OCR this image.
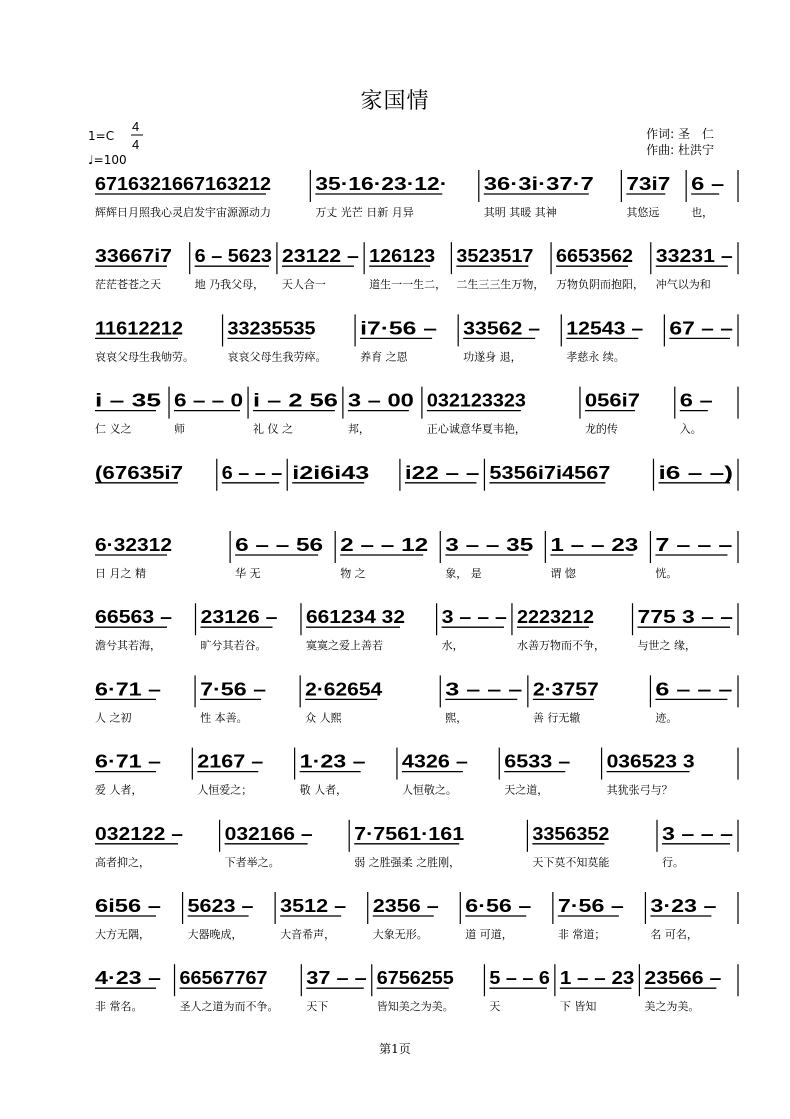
家国情
1=C
4
4
♩=100
作词: 圣　仁
作曲: 杜洪宁
6716321667163212
辉辉日月照我心灵启发宇宙源源动力
35·16·23·12·
万丈 光芒 日新 月异
36·3i·37·7
其明 其暖 其神
73i7
其悠远
6 –
也，
33667i7
茫茫苍苍之天
6 – 5623
地 乃我父母，
23122 –
天人合一
126123
道生一一生二，
3523517
二生三三生万物，
6653562
万物负阴而抱阳，
33231 –
冲气以为和
11612212
哀哀父母生我劬劳。
33235535
哀哀父母生我劳瘁。
i7·56 –
养育 之恩
33562 –
功遂身 退，
12543 –
孝慈永 续。
67 – –
i – 35
仁 义之
6 – – 0
师
i – 2 56
礼 仪 之
3 – 00
邦，
032123323
正心诚意华夏韦艳，
056i7
龙的传
6 –
入。
(67635i7 6 – – – i2i6i43 i22 – – 5356i7i4567	i6 – –)
6·32312
日 月之 精
6 – – 56
华 无
2 – – 12
物 之
3 – – 35
象， 是
1 – – 23
谓 惚
7 – – –
恍。
66563 –
澹兮其若海，
23126 –
旷兮其若谷。
661234 32
寞寞之爱上善若
3 – – –
水，
2223212
水善万物而不争，
775 3 – –
与世之 缘，
6·71 –
人 之初
7·56 –
性 本善。
2·62654
众 人熙
3 – – –
熙，
2·3757
善 行无辙
6 – – –
迹。
6·71 –
爱 人者，
2167 –
人恒爱之；
1·23 –
敬 人者，
4326 –
人恒敬之。
6533 –
天之道，
036523 3
其犹张弓与？
032122 –
高者抑之，
032166 –
下者举之。
7·7561·161
弱 之胜强柔 之胜刚，
3356352
天下莫不知莫能
3 – – –
行。
6i56 –
大方无隅，
5623 –
大器晚成，
3512 –
大音希声，
2356 –
大象无形。
6·56 –
道 可道，
7·56 –
非 常道；
3·23 –
名 可名，
4·23 –
非 常名。
66567767
圣人之道为而不争。
37 – –
天下
6756255
皆知美之为美。
5 – – 6
天
1 – – 23
下 皆知
23566 –
美之为美。
第1页
